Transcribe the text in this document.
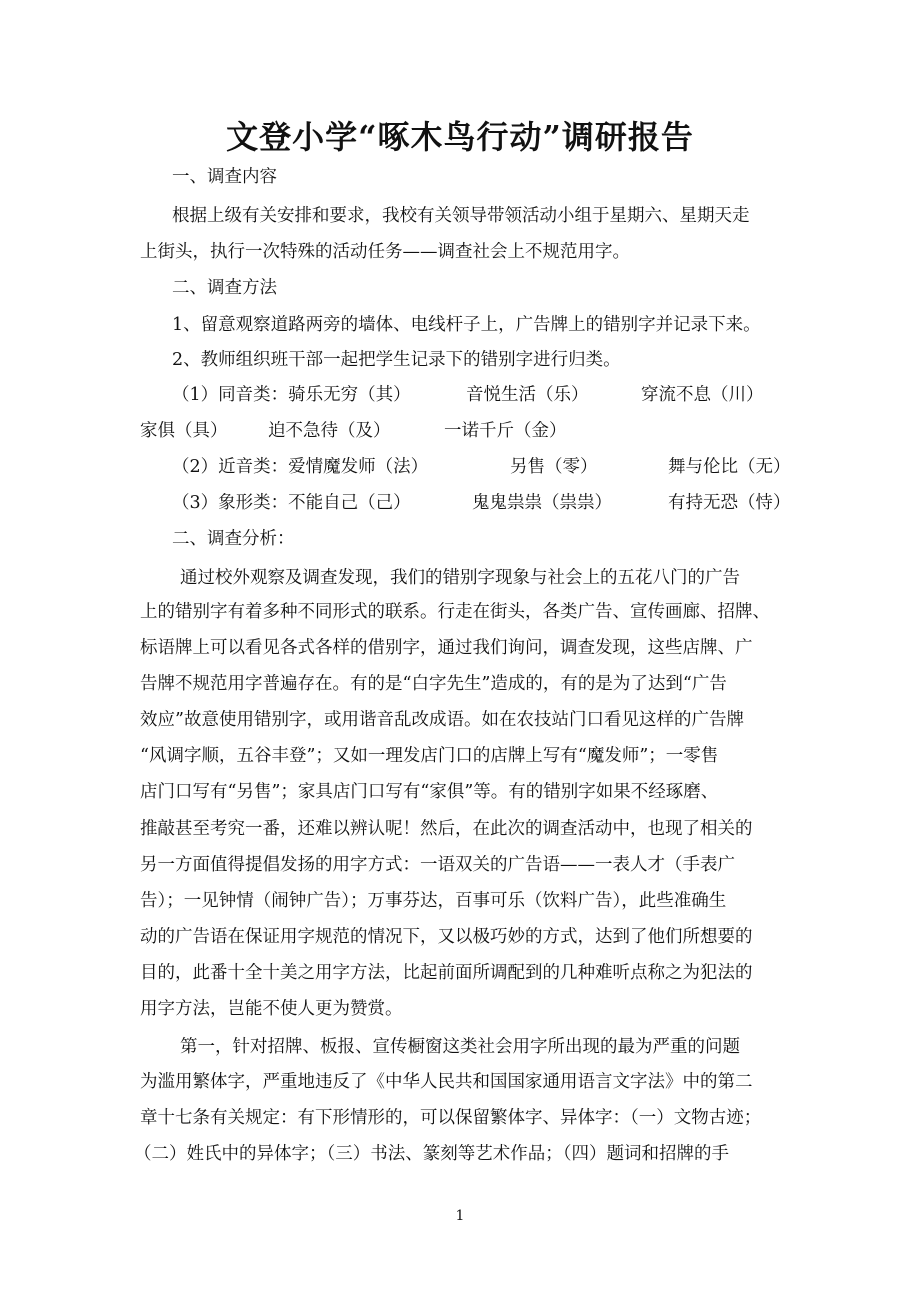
文登小学“啄木鸟行动”调研报告
一、调查内容
根据上级有关安排和要求，我校有关领导带领活动小组于星期六、星期天走
上街头，执行一次特殊的活动任务——调查社会上不规范用字。
二、调查方法
1、留意观察道路两旁的墙体、电线杆子上，广告牌上的错别字并记录下来。
2、教师组织班干部一起把学生记录下的错别字进行归类。
（1）同音类：骑乐无穷（其）	音悦生活（乐）	穿流不息（川）
家俱（具） 迫不急待（及）	一诺千斤（金）
（2）近音类：爱情魔发师（法）	另售（零）	舞与伦比（无）
（3）象形类：不能自己（己）	鬼鬼祟祟（祟祟）	有持无恐（恃）
二、调查分析：
通过校外观察及调查发现，我们的错别字现象与社会上的五花八门的广告
上的错别字有着多种不同形式的联系。行走在街头，各类广告、宣传画廊、招牌、
标语牌上可以看见各式各样的借别字，通过我们询问，调查发现，这些店牌、广
告牌不规范用字普遍存在。有的是“白字先生”造成的，有的是为了达到“广告
效应”故意使用错别字，或用谐音乱改成语。如在农技站门口看见这样的广告牌
“风调字顺，五谷丰登”；又如一理发店门口的店牌上写有“魔发师”；一零售
店门口写有“另售”；家具店门口写有“家俱”等。有的错别字如果不经琢磨、
推敲甚至考究一番，还难以辨认呢！然后，在此次的调查活动中，也现了相关的
另一方面值得提倡发扬的用字方式：一语双关的广告语——一表人才（手表广
告）；一见钟情（闹钟广告）；万事芬达，百事可乐（饮料广告），此些准确生
动的广告语在保证用字规范的情况下，又以极巧妙的方式，达到了他们所想要的
目的，此番十全十美之用字方法，比起前面所调配到的几种难听点称之为犯法的
用字方法，岂能不使人更为赞赏。
第一，针对招牌、板报、宣传橱窗这类社会用字所出现的最为严重的问题
为滥用繁体字，严重地违反了《中华人民共和国国家通用语言文字法》中的第二
章十七条有关规定：有下形情形的，可以保留繁体字、异体字：（一）文物古迹；
（二）姓氏中的异体字；（三）书法、篆刻等艺术作品；（四）题词和招牌的手
1
